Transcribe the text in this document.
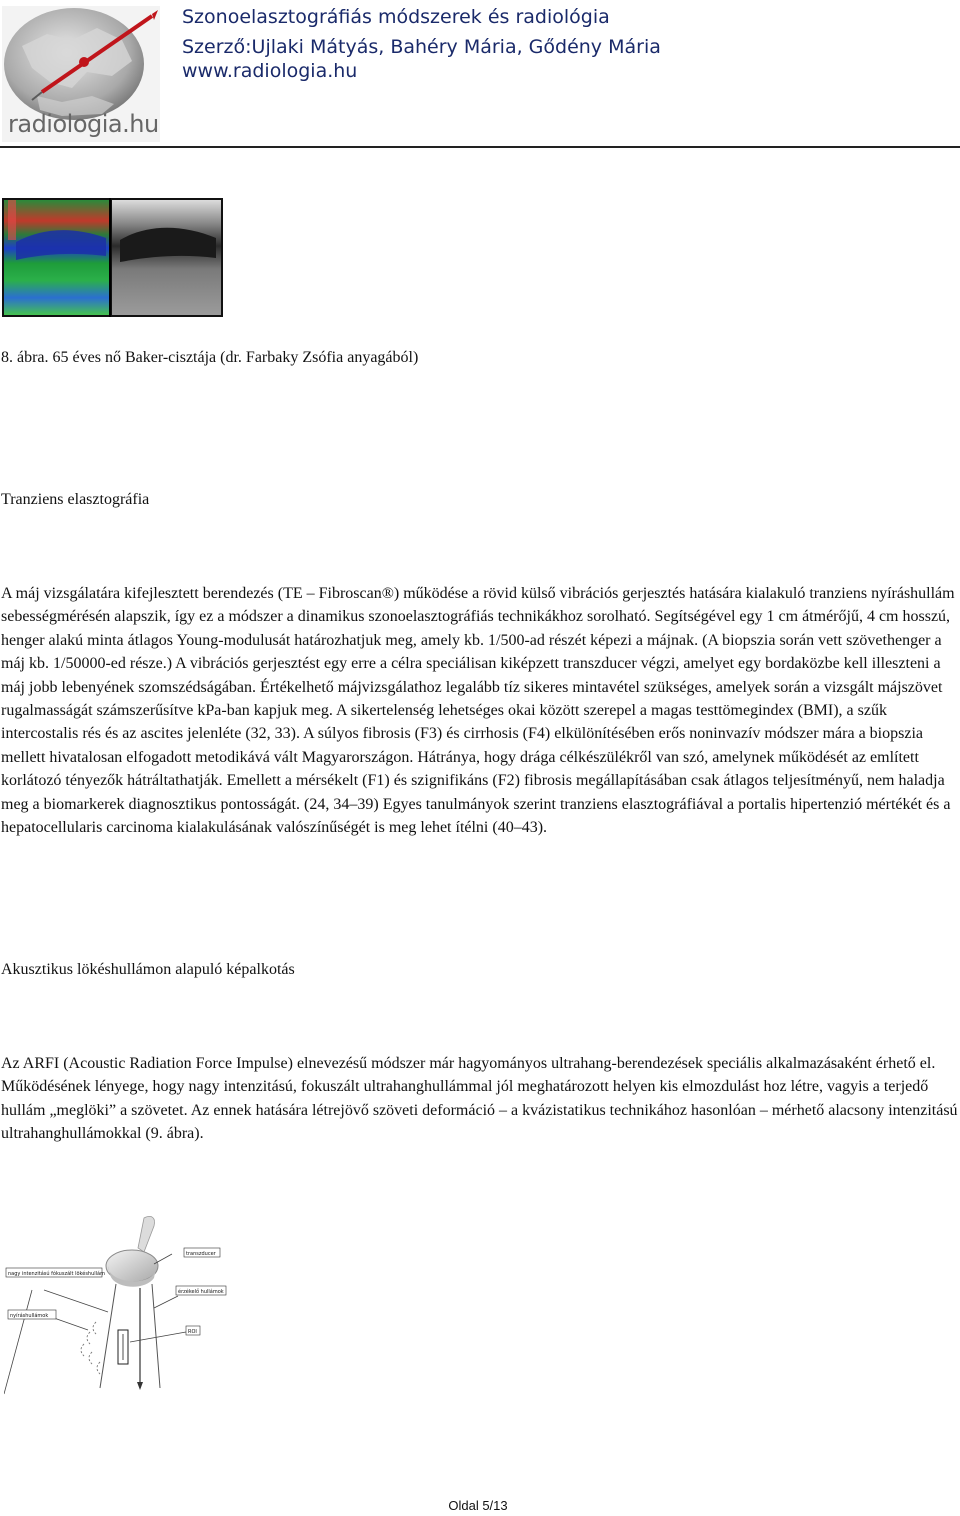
radiologia.hu
Szonoelasztográfiás módszerek és radiológia
Szerző:Ujlaki Mátyás, Bahéry Mária, Gődény Mária
www.radiologia.hu
8. ábra. 65 éves nő Baker-cisztája (dr. Farbaky Zsófia anyagából)
Tranziens elasztográfia

A máj vizsgálatára kifejlesztett berendezés (TE – Fibroscan®) működése a rövid külső vibrációs gerjesztés hatására kialakuló tranziens nyíráshullám sebességmérésén alapszik, így ez a módszer a dinamikus szonoelasztográfiás technikákhoz sorolható. Segítségével egy 1 cm átmérőjű, 4 cm hosszú, henger alakú minta átlagos Young-modulusát határozhatjuk meg, amely kb. 1/500-ad részét képezi a májnak. (A biopszia során vett szövethenger a máj kb. 1/50000-ed része.) A vibrációs gerjesztést egy erre a célra speciálisan kiképzett transzducer végzi, amelyet egy bordaközbe kell illeszteni a máj jobb lebenyének szomszédságában. Értékelhető májvizsgálathoz legalább tíz sikeres mintavétel szükséges, amelyek során a vizsgált májszövet rugalmasságát számszerűsítve kPa-ban kapjuk meg. A sikertelenség lehetséges okai között szerepel a magas testtömegindex (BMI), a szűk intercostalis rés és az ascites jelenléte (32, 33). A súlyos fibrosis (F3) és cirrhosis (F4) elkülönítésében erős noninvazív módszer mára a biopszia mellett hivatalosan elfogadott metodikává vált Magyarországon. Hátránya, hogy drága célkészülékről van szó, amelynek működését az említett korlátozó tényezők hátráltathatják. Emellett a mérsékelt (F1) és szignifikáns (F2) fibrosis megállapításában csak átlagos teljesítményű, nem haladja meg a biomarkerek diagnosztikus pontosságát. (24, 34–39) Egyes tanulmányok szerint tranziens elasztográfiával a portalis hipertenzió mértékét és a hepatocellularis carcinoma kialakulásának valószínűségét is meg lehet ítélni (40–43).

Akusztikus lökéshullámon alapuló képalkotás

Az ARFI (Acoustic Radiation Force Impulse) elnevezésű módszer már hagyományos ultrahang-berendezések speciális alkalmazásaként érhető el. Működésének lényege, hogy nagy intenzitású, fokuszált ultrahanghullámmal jól meghatározott helyen kis elmozdulást hoz létre, vagyis a terjedő hullám „meglöki” a szövetet. Az ennek hatására létrejövő szöveti deformáció – a kvázistatikus technikához hasonlóan – mérhető alacsony intenzitású ultrahanghullámokkal (9. ábra).

transzducer
nagy intenzitású fókuszált lökéshullám
érzékelő hullámok
nyíráshullámok
ROI
Oldal 5/13
